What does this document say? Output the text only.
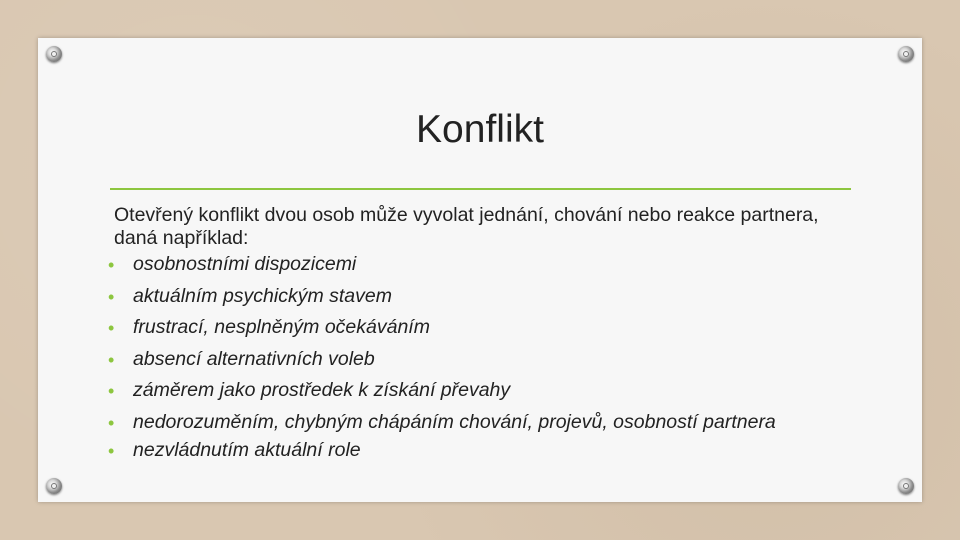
Konflikt

Otevřený konflikt dvou osob může vyvolat jednání, chování nebo reakce partnera, daná například:

• osobnostními dispozicemi
• aktuálním psychickým stavem
• frustrací, nesplněným očekáváním
• absencí alternativních voleb
• záměrem jako prostředek k získání převahy
• nedorozuměním, chybným chápáním chování, projevů, osobností partnera
• nezvládnutím aktuální role
